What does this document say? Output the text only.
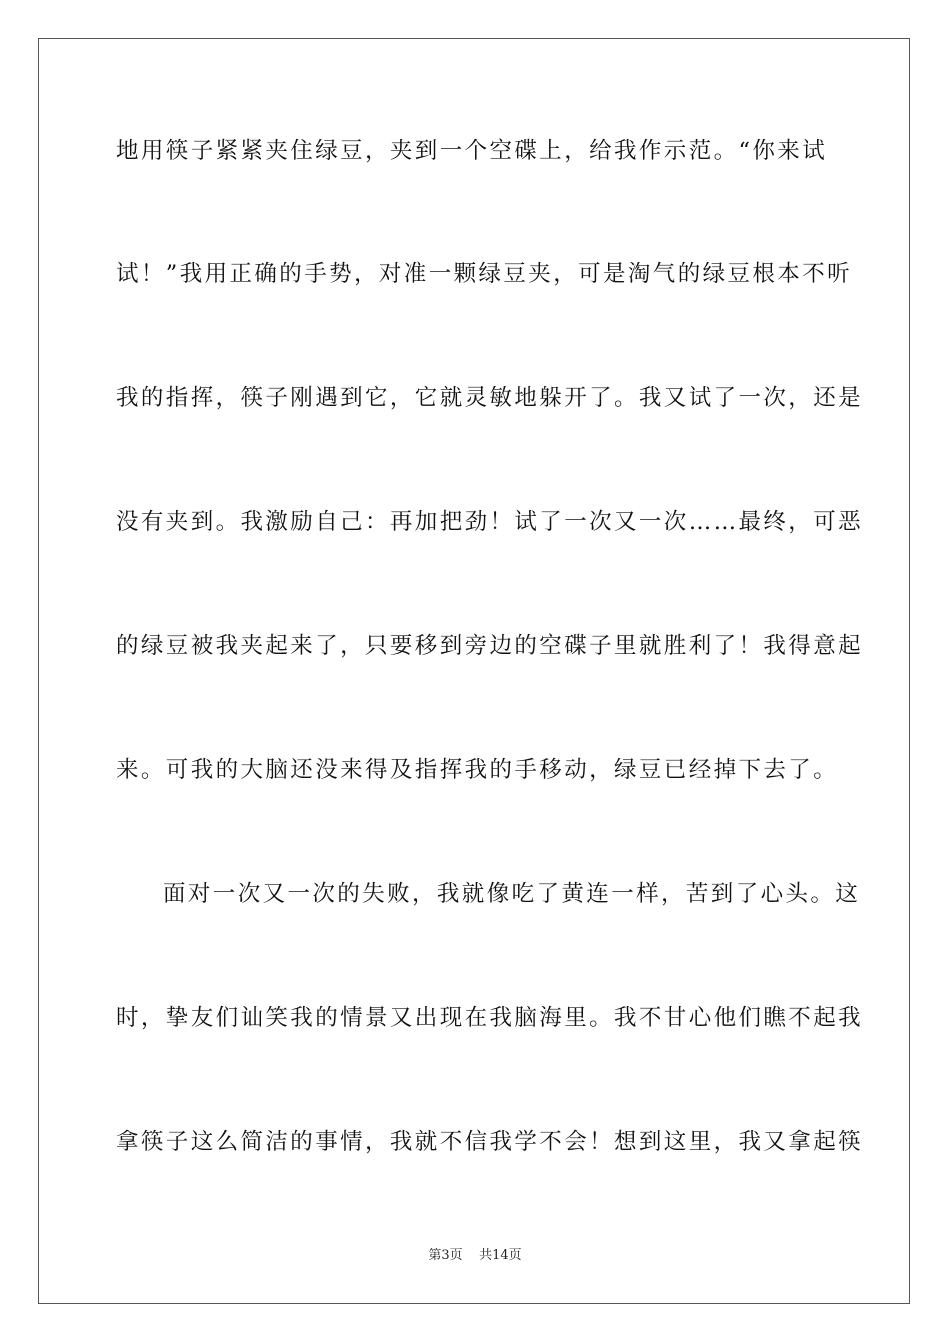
地用筷子紧紧夹住绿豆，夹到一个空碟上，给我作示范。“你来试
试！”我用正确的手势，对准一颗绿豆夹，可是淘气的绿豆根本不听
我的指挥，筷子刚遇到它，它就灵敏地躲开了。我又试了一次，还是
没有夹到。我激励自己：再加把劲！试了一次又一次……最终，可恶
的绿豆被我夹起来了，只要移到旁边的空碟子里就胜利了！我得意起
来。可我的大脑还没来得及指挥我的手移动，绿豆已经掉下去了。
面对一次又一次的失败，我就像吃了黄连一样，苦到了心头。这
时，挚友们讪笑我的情景又出现在我脑海里。我不甘心他们瞧不起我
拿筷子这么简洁的事情，我就不信我学不会！想到这里，我又拿起筷
第3页 共14页
